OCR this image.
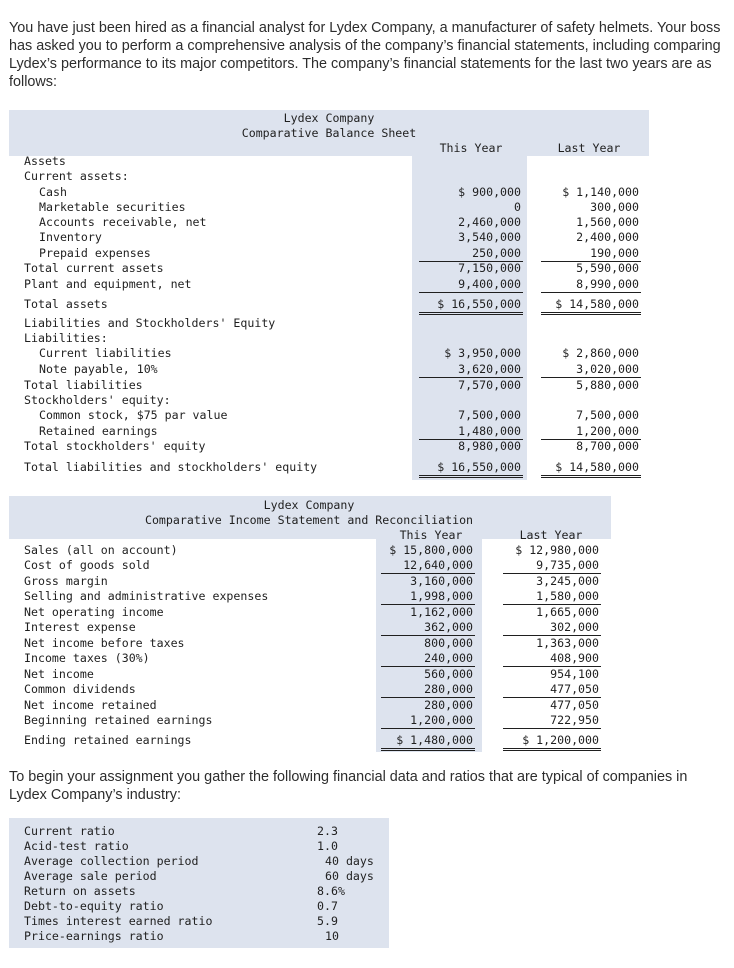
You have just been hired as a financial analyst for Lydex Company, a manufacturer of safety helmets. Your boss has asked you to perform a comprehensive analysis of the company’s financial statements, including comparing Lydex’s performance to its major competitors. The company’s financial statements for the last two years are as follows:

Lydex Company
Comparative Balance Sheet
This Year	Last Year
Assets
Current assets:
Cash	$ 900,000	$ 1,140,000
Marketable securities	0	300,000
Accounts receivable, net	2,460,000	1,560,000
Inventory	3,540,000	2,400,000
Prepaid expenses	250,000	190,000
Total current assets	7,150,000	5,590,000
Plant and equipment, net	9,400,000	8,990,000
Total assets	$ 16,550,000	$ 14,580,000
Liabilities and Stockholders' Equity
Liabilities:
Current liabilities	$ 3,950,000	$ 2,860,000
Note payable, 10%	3,620,000	3,020,000
Total liabilities	7,570,000	5,880,000
Stockholders' equity:
Common stock, $75 par value	7,500,000	7,500,000
Retained earnings	1,480,000	1,200,000
Total stockholders' equity	8,980,000	8,700,000
Total liabilities and stockholders' equity	$ 16,550,000	$ 14,580,000
Lydex Company
Comparative Income Statement and Reconciliation
This Year	Last Year
Sales (all on account)	$ 15,800,000	$ 12,980,000
Cost of goods sold	12,640,000	9,735,000
Gross margin	3,160,000	3,245,000
Selling and administrative expenses	1,998,000	1,580,000
Net operating income	1,162,000	1,665,000
Interest expense	362,000	302,000
Net income before taxes	800,000	1,363,000
Income taxes (30%)	240,000	408,900
Net income	560,000	954,100
Common dividends	280,000	477,050
Net income retained	280,000	477,050
Beginning retained earnings	1,200,000	722,950
Ending retained earnings	$ 1,480,000	$ 1,200,000

To begin your assignment you gather the following financial data and ratios that are typical of companies in Lydex Company’s industry:

Current ratio	2.3
Acid-test ratio	1.0
Average collection period	40 days
Average sale period	60 days
Return on assets	8.6%
Debt-to-equity ratio	0.7
Times interest earned ratio	5.9
Price-earnings ratio	10
